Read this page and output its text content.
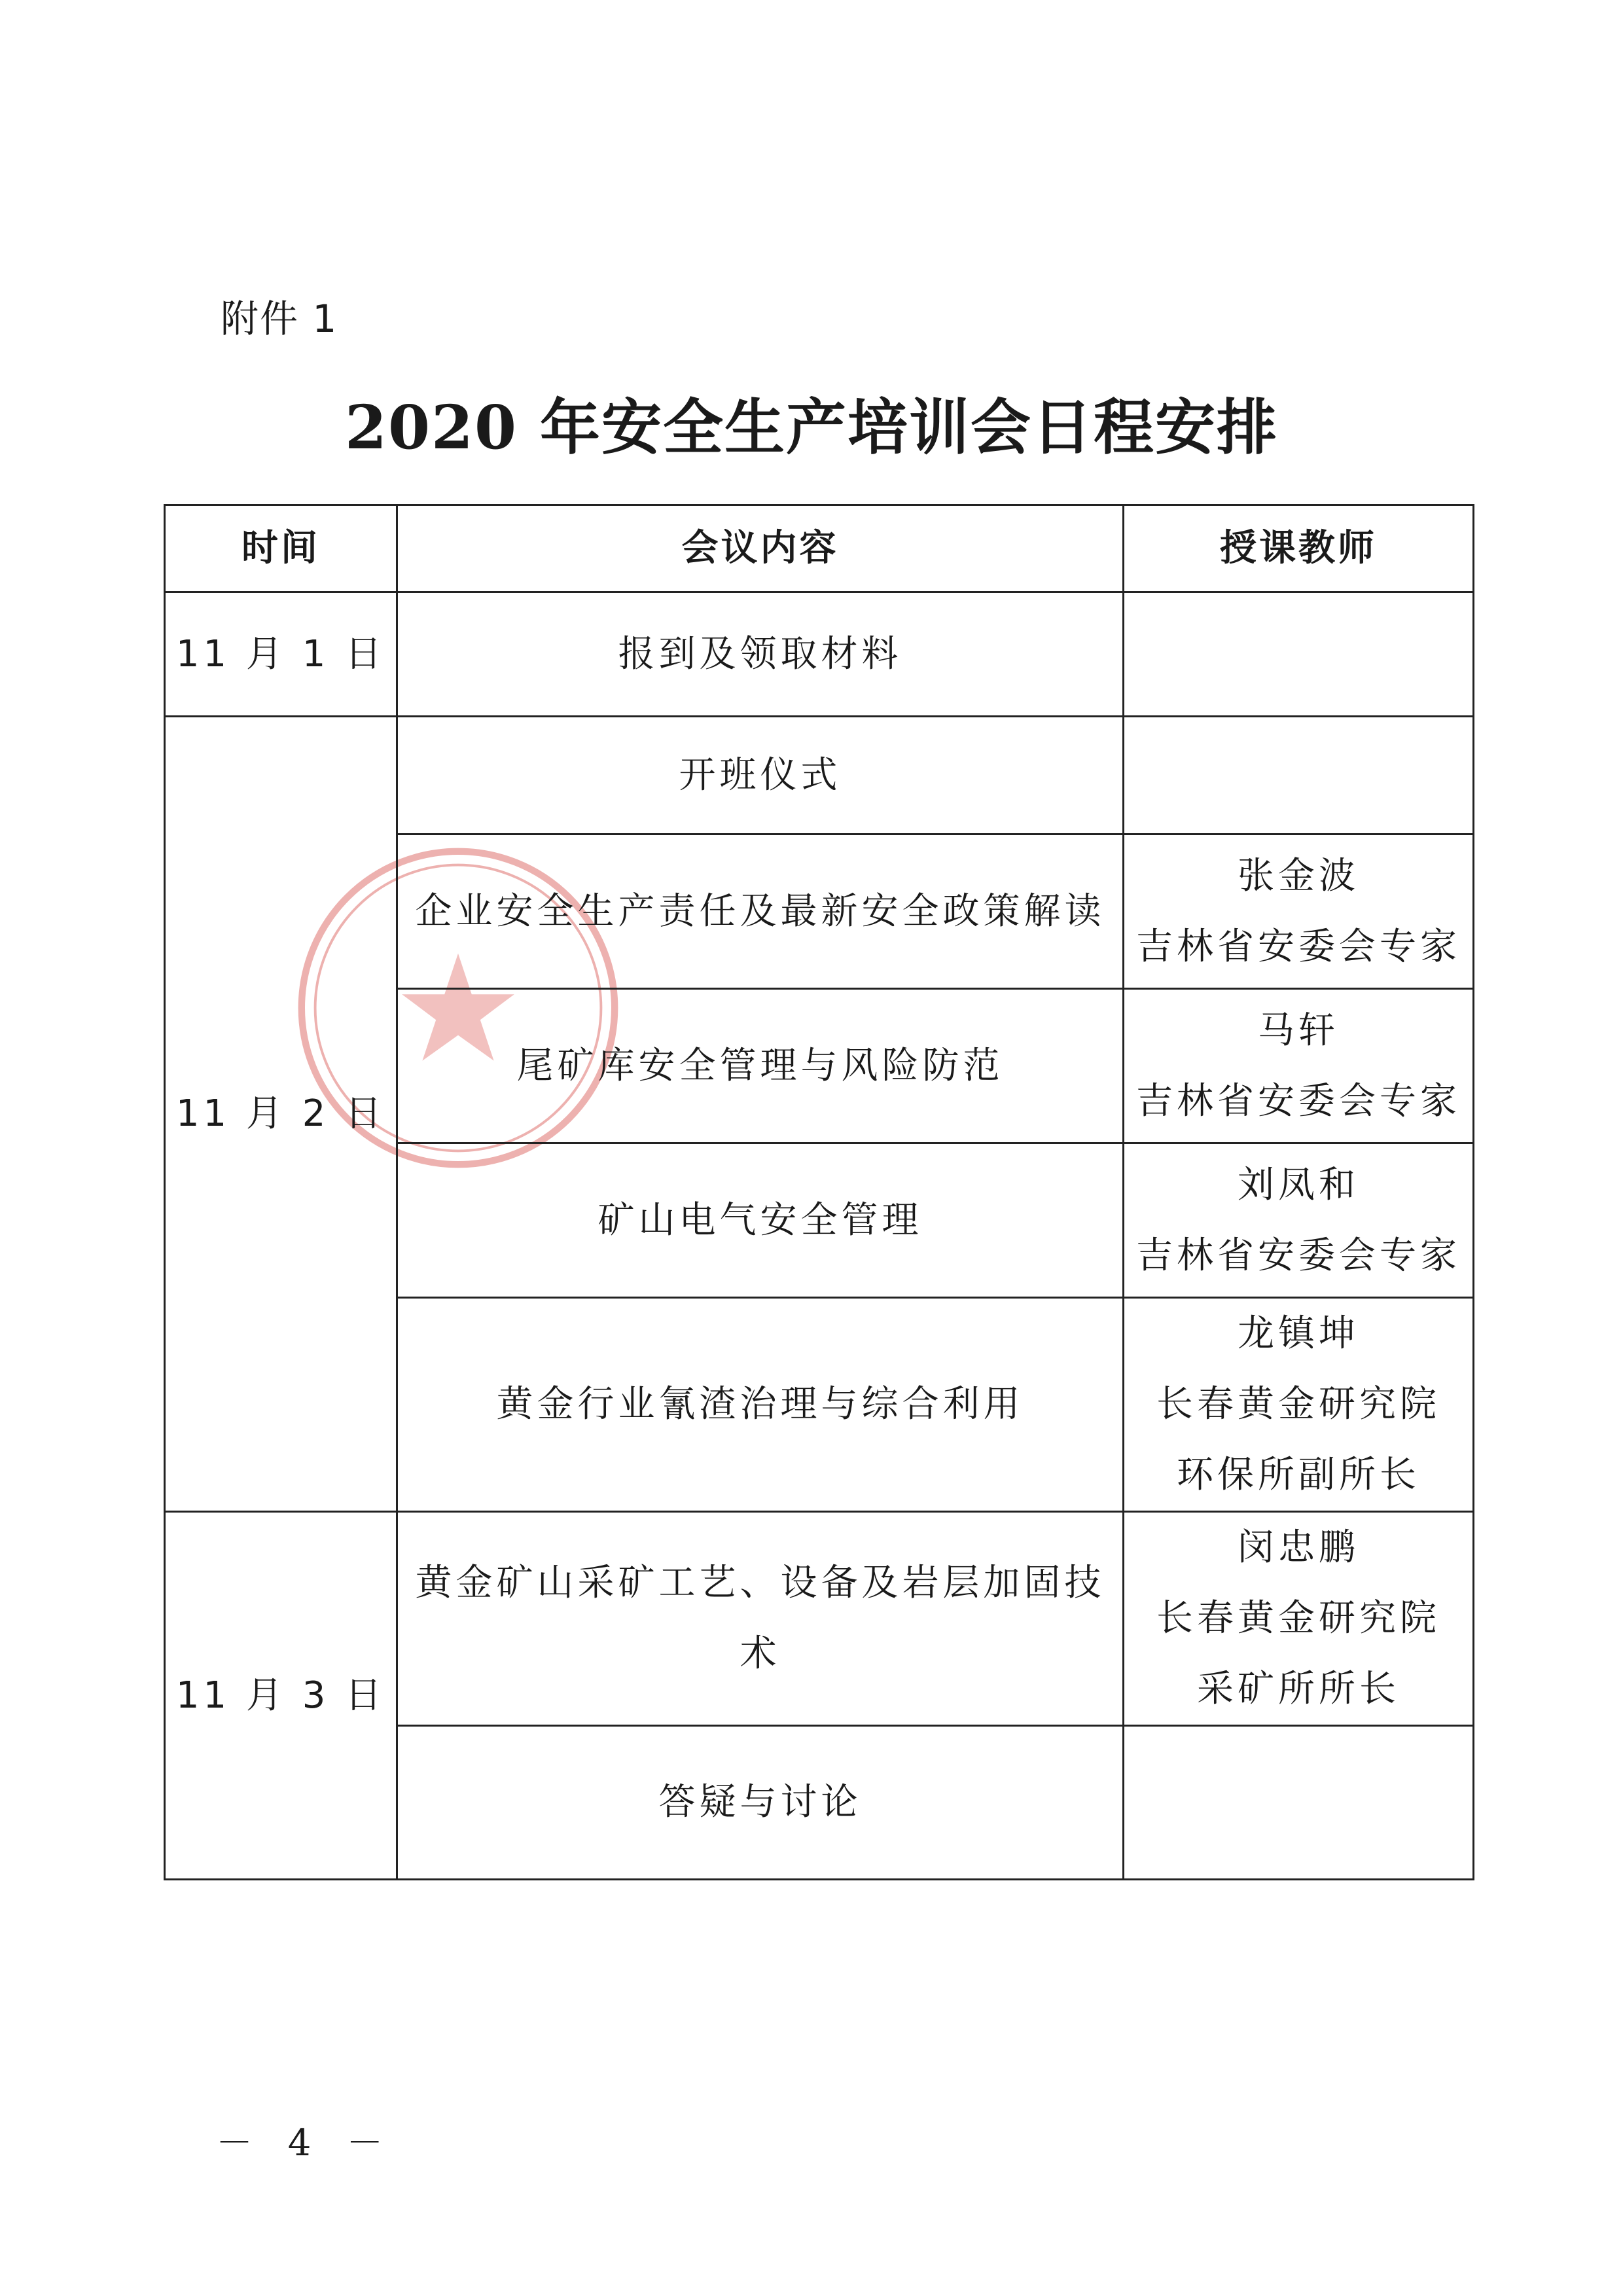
附件 1
2020 年安全生产培训会日程安排
时间	会议内容	授课教师
11 月 1 日	报到及领取材料	
11 月 2 日	开班仪式	
	企业安全生产责任及最新安全政策解读	张金波
吉林省安委会专家

	尾矿库安全管理与风险防范	马轩
吉林省安委会专家

	矿山电气安全管理	刘凤和
吉林省安委会专家

	黄金行业氰渣治理与综合利用	龙镇坤
长春黄金研究院
环保所副所长

11 月 3 日	黄金矿山采矿工艺、设备及岩层加固技术	闵忠鹏
长春黄金研究院
采矿所所长

	答疑与讨论	
－ 4 －
